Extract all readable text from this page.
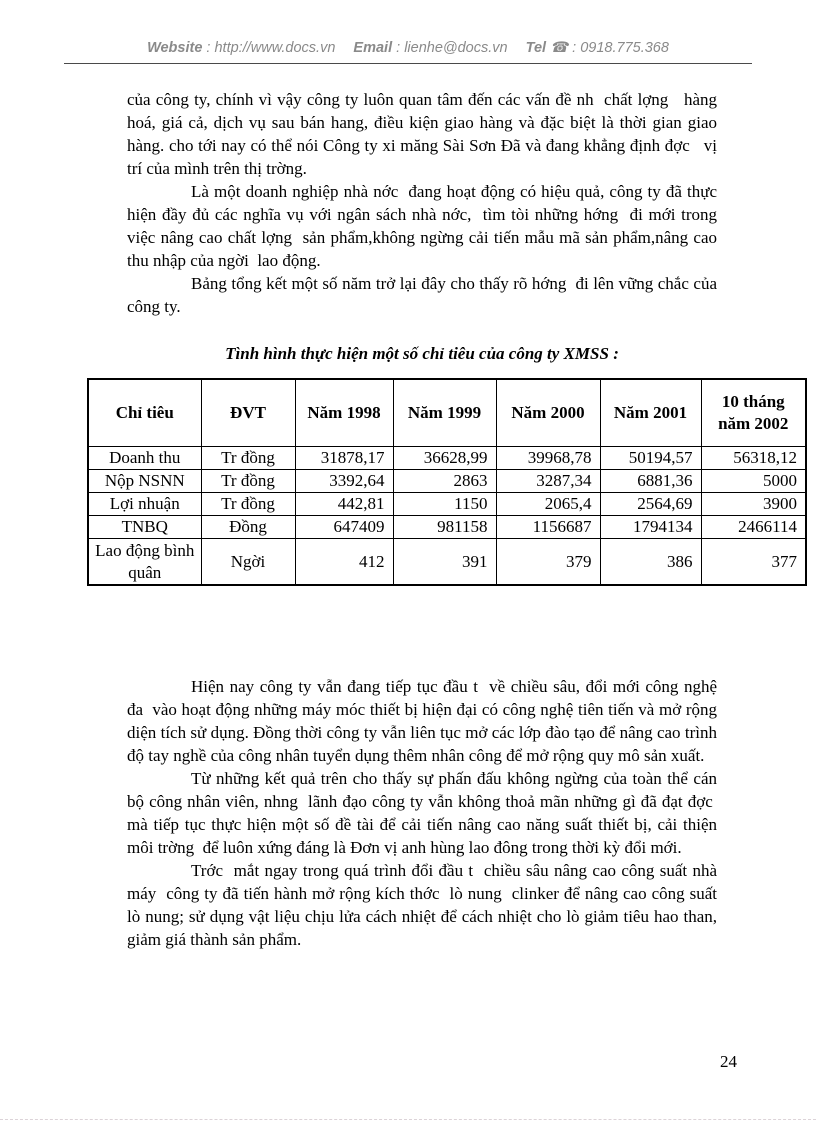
Website : http://www.docs.vn Email : lienhe@docs.vn Tel ☎ : 0918.775.368

của công ty, chính vì vậy công ty luôn quan tâm đến các vấn đề nh  chất lợng   hàng hoá, giá cả, dịch vụ sau bán hang, điều kiện giao hàng và đặc biệt là thời gian giao hàng. cho tới nay có thể nói Công ty xi măng Sài Sơn Đã và đang khẳng định đợc   vị trí của mình trên thị trờng.

Là một doanh nghiệp nhà nớc  đang hoạt động có hiệu quả, công ty đã thực hiện đầy đủ các nghĩa vụ với ngân sách nhà nớc,  tìm tòi những hớng  đi mới trong việc nâng cao chất lợng  sản phẩm,không ngừng cải tiến mẫu mã sản phẩm,nâng cao thu nhập của ngời  lao động.

Bảng tổng kết một số năm trở lại đây cho thấy rõ hớng  đi lên vững chắc của công ty.

Tình hình thực hiện một số chỉ tiêu của công ty XMSS :
Chỉ tiêu	ĐVT	Năm 1998	Năm 1999	Năm 2000	Năm 2001	10 tháng năm 2002
Doanh thu	Tr đồng	31878,17	36628,99	39968,78	50194,57	56318,12
Nộp NSNN	Tr đồng	3392,64	2863	3287,34	6881,36	5000
Lợi nhuận	Tr đồng	442,81	1150	2065,4	2564,69	3900
TNBQ	Đồng	647409	981158	1156687	1794134	2466114
Lao động bình quân	Ngời	412	391	379	386	377

Hiện nay công ty vẫn đang tiếp tục đầu t  về chiều sâu, đổi mới công nghệ đa  vào hoạt động những máy móc thiết bị hiện đại có công nghệ tiên tiến và mở rộng diện tích sử dụng. Đồng thời công ty vẫn liên tục mở các lớp đào tạo để nâng cao trình độ tay nghề của công nhân tuyển dụng thêm nhân công để mở rộng quy mô sản xuất.

Từ những kết quả trên cho thấy sự phấn đấu không ngừng của toàn thể cán bộ công nhân viên, nhng  lãnh đạo công ty vẫn không thoả mãn những gì đã đạt đợc  mà tiếp tục thực hiện một số đề tài để cải tiến nâng cao năng suất thiết bị, cải thiện môi trờng  để luôn xứng đáng là Đơn vị anh hùng lao đông trong thời kỳ đổi mới.

Trớc  mắt ngay trong quá trình đổi đầu t  chiều sâu nâng cao công suất nhà máy  công ty đã tiến hành mở rộng kích thớc  lò nung  clinker để nâng cao công suất lò nung; sử dụng vật liệu chịu lửa cách nhiệt để cách nhiệt cho lò giảm tiêu hao than, giảm giá thành sản phẩm.

24
